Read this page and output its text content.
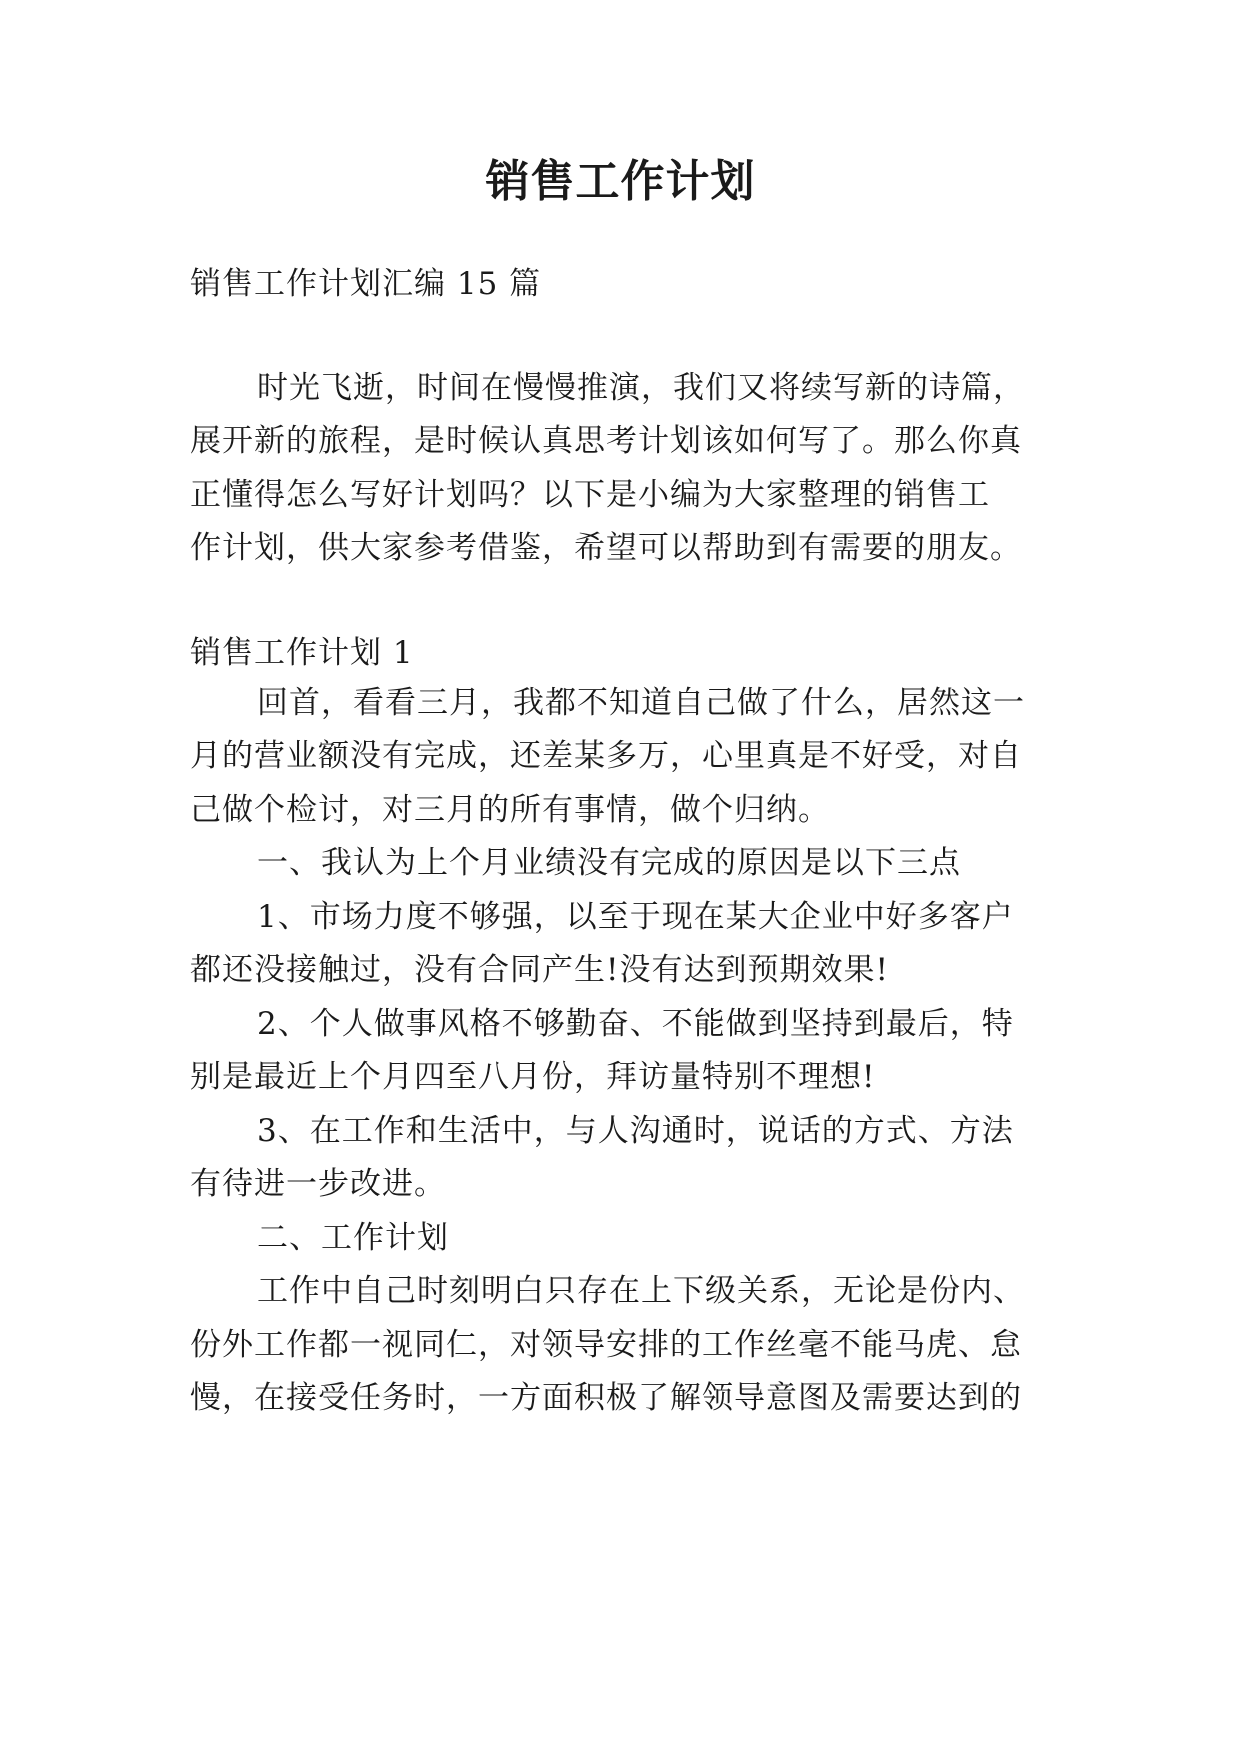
销售工作计划
销售工作计划汇编 15 篇
时光飞逝，时间在慢慢推演，我们又将续写新的诗篇，
展开新的旅程，是时候认真思考计划该如何写了。那么你真
正懂得怎么写好计划吗？以下是小编为大家整理的销售工
作计划，供大家参考借鉴，希望可以帮助到有需要的朋友。
销售工作计划 1
回首，看看三月，我都不知道自己做了什么，居然这一
月的营业额没有完成，还差某多万，心里真是不好受，对自
己做个检讨，对三月的所有事情，做个归纳。
一、我认为上个月业绩没有完成的原因是以下三点
1、市场力度不够强，以至于现在某大企业中好多客户
都还没接触过，没有合同产生!没有达到预期效果!
2、个人做事风格不够勤奋、不能做到坚持到最后，特
别是最近上个月四至八月份，拜访量特别不理想!
3、在工作和生活中，与人沟通时，说话的方式、方法
有待进一步改进。
二、工作计划
工作中自己时刻明白只存在上下级关系，无论是份内、
份外工作都一视同仁，对领导安排的工作丝毫不能马虎、怠
慢，在接受任务时，一方面积极了解领导意图及需要达到的
